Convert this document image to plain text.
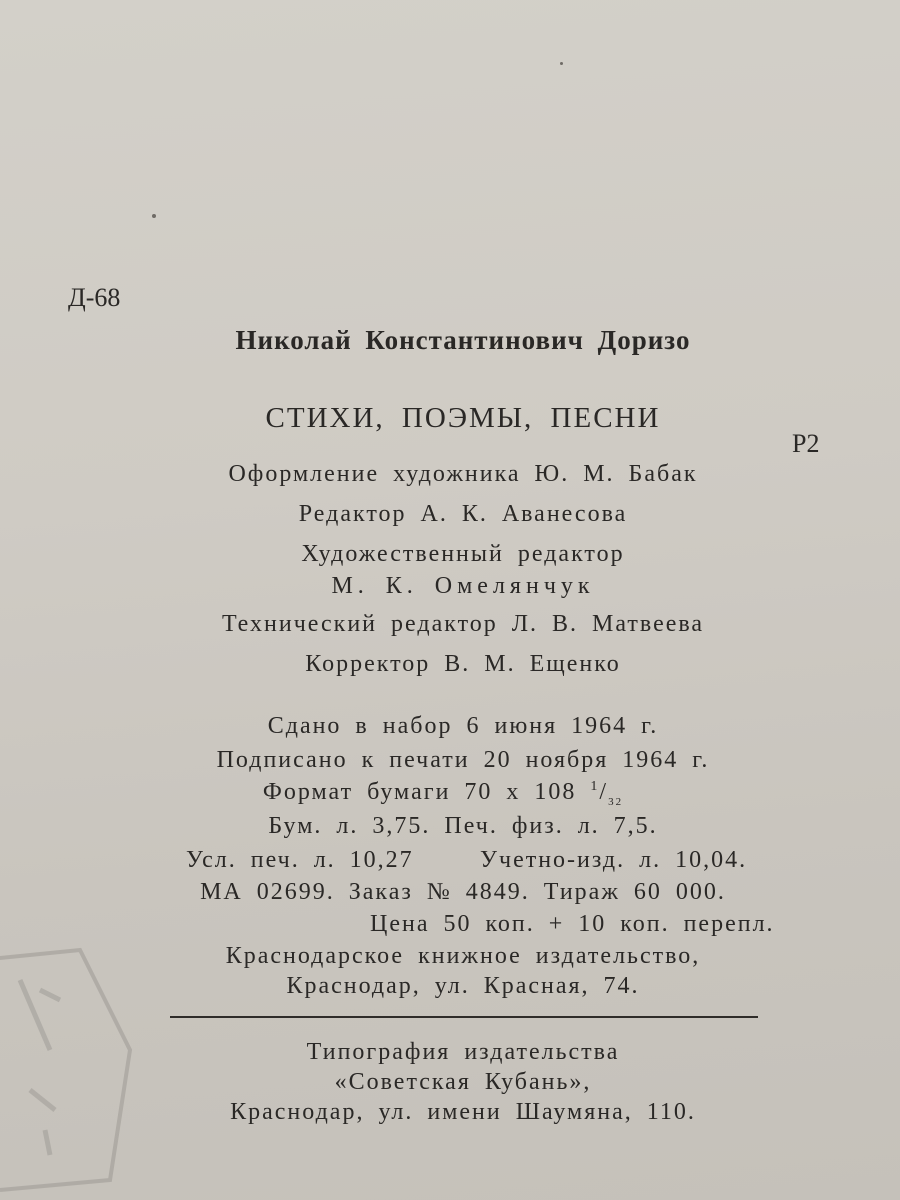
Д-68
Николай Константинович Доризо
СТИХИ, ПОЭМЫ, ПЕСНИ
Р2
Оформление художника Ю. М. Бабак
Редактор А. К. Аванесова
Художественный редактор
М. К. Омелянчук
Технический редактор Л. В. Матвеева
Корректор В. М. Ещенко
Сдано в набор 6 июня 1964 г.
Подписано к печати 20 ноября 1964 г.
Формат бумаги 70 х 108 $^1/_{32}$
Бум. л. 3,75. Печ. физ. л. 7,5.
Усл. печ. л. 10,27	Учетно-изд. л. 10,04.
МА 02699. Заказ № 4849. Тираж 60 000.
Цена 50 коп. + 10 коп. перепл.
Краснодарское книжное издательство,
Краснодар, ул. Красная, 74.
Типография издательства
«Советская Кубань»,
Краснодар, ул. имени Шаумяна, 110.
